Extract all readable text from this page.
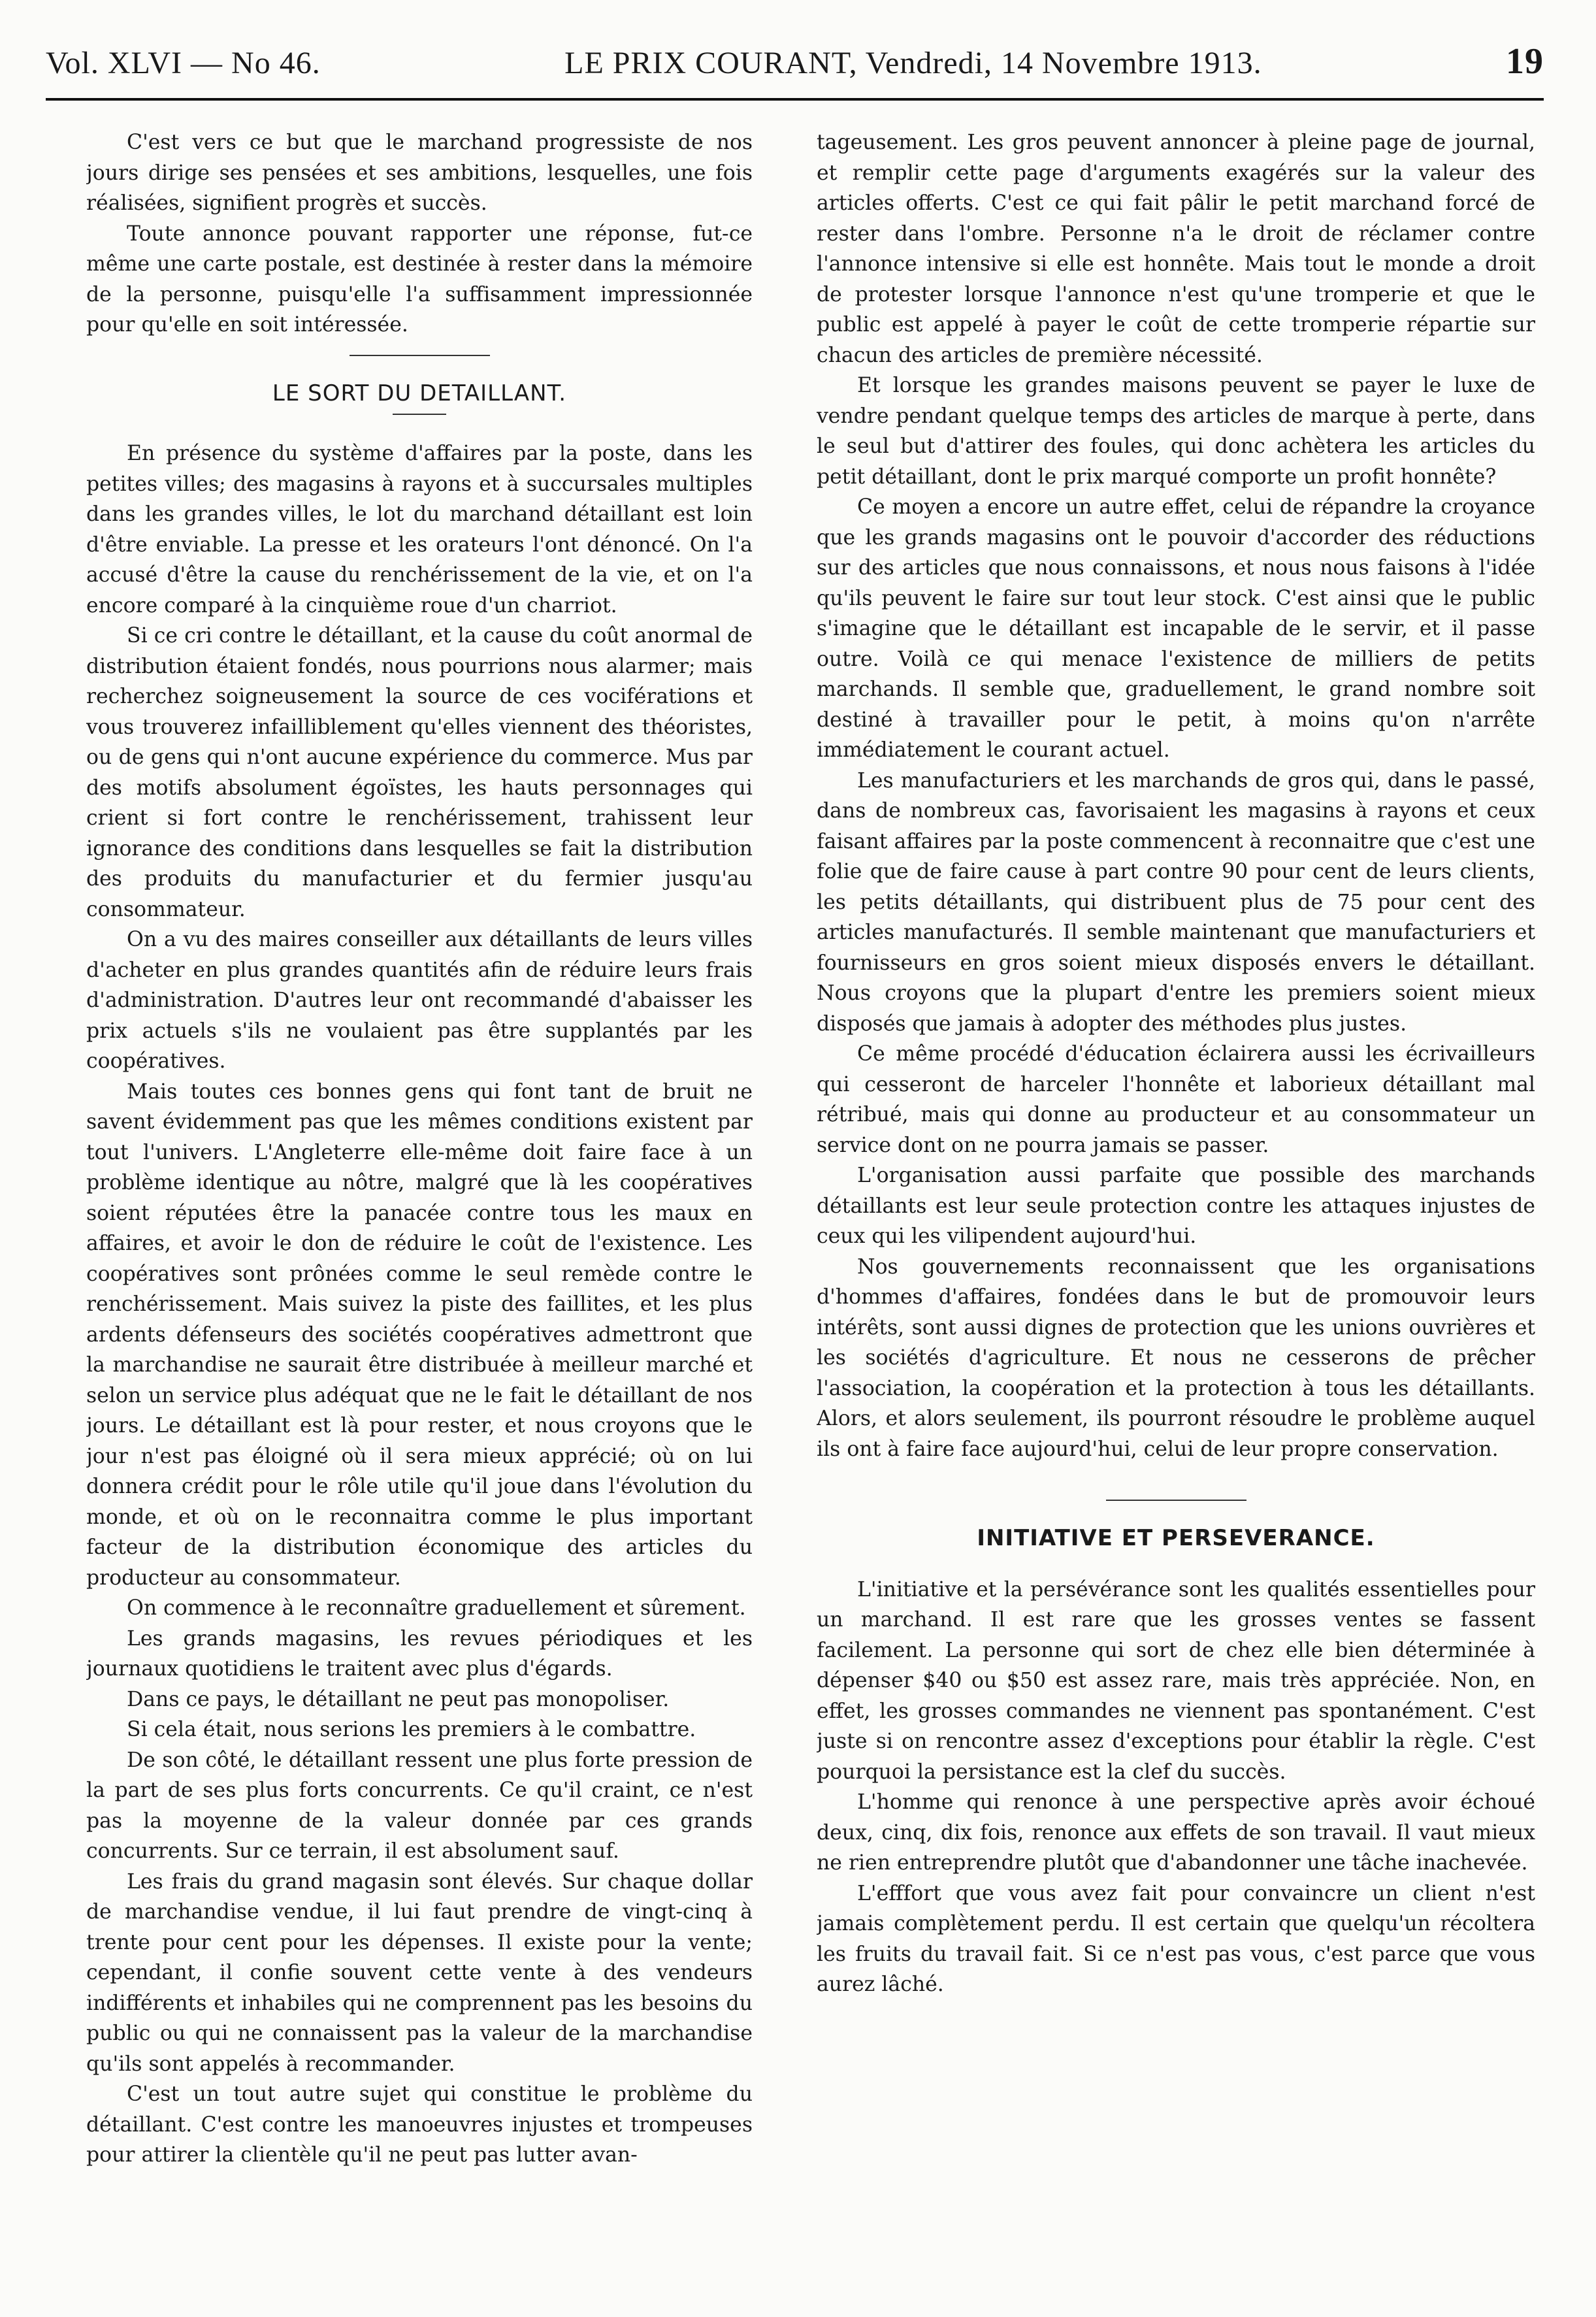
Vol. XLVI — No 46.	LE PRIX COURANT, Vendredi, 14 Novembre 1913.	19

C'est vers ce but que le marchand progressiste de nos jours dirige ses pensées et ses ambitions, lesquelles, une fois réalisées, signifient progrès et succès.

Toute annonce pouvant rapporter une réponse, fut-ce même une carte postale, est destinée à rester dans la mémoire de la personne, puisqu'elle l'a suffisamment impressionnée pour qu'elle en soit intéressée.

LE SORT DU DETAILLANT.

En présence du système d'affaires par la poste, dans les petites villes; des magasins à rayons et à succursales multiples dans les grandes villes, le lot du marchand détaillant est loin d'être enviable. La presse et les orateurs l'ont dénoncé. On l'a accusé d'être la cause du renchérissement de la vie, et on l'a encore comparé à la cinquième roue d'un charriot.

Si ce cri contre le détaillant, et la cause du coût anormal de distribution étaient fondés, nous pourrions nous alarmer; mais recherchez soigneusement la source de ces vociférations et vous trouverez infailliblement qu'elles viennent des théoristes, ou de gens qui n'ont aucune expérience du commerce. Mus par des motifs absolument égoïstes, les hauts personnages qui crient si fort contre le renchérissement, trahissent leur ignorance des conditions dans lesquelles se fait la distribution des produits du manufacturier et du fermier jusqu'au consommateur.

On a vu des maires conseiller aux détaillants de leurs villes d'acheter en plus grandes quantités afin de réduire leurs frais d'administration. D'autres leur ont recommandé d'abaisser les prix actuels s'ils ne voulaient pas être supplantés par les coopératives.

Mais toutes ces bonnes gens qui font tant de bruit ne savent évidemment pas que les mêmes conditions existent par tout l'univers. L'Angleterre elle-même doit faire face à un problème identique au nôtre, malgré que là les coopératives soient réputées être la panacée contre tous les maux en affaires, et avoir le don de réduire le coût de l'existence. Les coopératives sont prônées comme le seul remède contre le renchérissement. Mais suivez la piste des faillites, et les plus ardents défenseurs des sociétés coopératives admettront que la marchandise ne saurait être distribuée à meilleur marché et selon un service plus adéquat que ne le fait le détaillant de nos jours. Le détaillant est là pour rester, et nous croyons que le jour n'est pas éloigné où il sera mieux apprécié; où on lui donnera crédit pour le rôle utile qu'il joue dans l'évolution du monde, et où on le reconnaitra comme le plus important facteur de la distribution économique des articles du producteur au consommateur.

On commence à le reconnaître graduellement et sûrement.

Les grands magasins, les revues périodiques et les journaux quotidiens le traitent avec plus d'égards.

Dans ce pays, le détaillant ne peut pas monopoliser.

Si cela était, nous serions les premiers à le combattre.

De son côté, le détaillant ressent une plus forte pression de la part de ses plus forts concurrents. Ce qu'il craint, ce n'est pas la moyenne de la valeur donnée par ces grands concurrents. Sur ce terrain, il est absolument sauf.

Les frais du grand magasin sont élevés. Sur chaque dollar de marchandise vendue, il lui faut prendre de vingt-cinq à trente pour cent pour les dépenses. Il existe pour la vente; cependant, il confie souvent cette vente à des vendeurs indifférents et inhabiles qui ne comprennent pas les besoins du public ou qui ne connaissent pas la valeur de la marchandise qu'ils sont appelés à recommander.

C'est un tout autre sujet qui constitue le problème du détaillant. C'est contre les manoeuvres injustes et trompeuses pour attirer la clientèle qu'il ne peut pas lutter avan-

tageusement. Les gros peuvent annoncer à pleine page de journal, et remplir cette page d'arguments exagérés sur la valeur des articles offerts. C'est ce qui fait pâlir le petit marchand forcé de rester dans l'ombre. Personne n'a le droit de réclamer contre l'annonce intensive si elle est honnête. Mais tout le monde a droit de protester lorsque l'annonce n'est qu'une tromperie et que le public est appelé à payer le coût de cette tromperie répartie sur chacun des articles de première nécessité.

Et lorsque les grandes maisons peuvent se payer le luxe de vendre pendant quelque temps des articles de marque à perte, dans le seul but d'attirer des foules, qui donc achètera les articles du petit détaillant, dont le prix marqué comporte un profit honnête?

Ce moyen a encore un autre effet, celui de répandre la croyance que les grands magasins ont le pouvoir d'accorder des réductions sur des articles que nous connaissons, et nous nous faisons à l'idée qu'ils peuvent le faire sur tout leur stock. C'est ainsi que le public s'imagine que le détaillant est incapable de le servir, et il passe outre. Voilà ce qui menace l'existence de milliers de petits marchands. Il semble que, graduellement, le grand nombre soit destiné à travailler pour le petit, à moins qu'on n'arrête immédiatement le courant actuel.

Les manufacturiers et les marchands de gros qui, dans le passé, dans de nombreux cas, favorisaient les magasins à rayons et ceux faisant affaires par la poste commencent à reconnaitre que c'est une folie que de faire cause à part contre 90 pour cent de leurs clients, les petits détaillants, qui distribuent plus de 75 pour cent des articles manufacturés. Il semble maintenant que manufacturiers et fournisseurs en gros soient mieux disposés envers le détaillant. Nous croyons que la plupart d'entre les premiers soient mieux disposés que jamais à adopter des méthodes plus justes.

Ce même procédé d'éducation éclairera aussi les écrivailleurs qui cesseront de harceler l'honnête et laborieux détaillant mal rétribué, mais qui donne au producteur et au consommateur un service dont on ne pourra jamais se passer.

L'organisation aussi parfaite que possible des marchands détaillants est leur seule protection contre les attaques injustes de ceux qui les vilipendent aujourd'hui.

Nos gouvernements reconnaissent que les organisations d'hommes d'affaires, fondées dans le but de promouvoir leurs intérêts, sont aussi dignes de protection que les unions ouvrières et les sociétés d'agriculture. Et nous ne cesserons de prêcher l'association, la coopération et la protection à tous les détaillants. Alors, et alors seulement, ils pourront résoudre le problème auquel ils ont à faire face aujourd'hui, celui de leur propre conservation.

INITIATIVE ET PERSEVERANCE.

L'initiative et la persévérance sont les qualités essentielles pour un marchand. Il est rare que les grosses ventes se fassent facilement. La personne qui sort de chez elle bien déterminée à dépenser $40 ou $50 est assez rare, mais très appréciée. Non, en effet, les grosses commandes ne viennent pas spontanément. C'est juste si on rencontre assez d'exceptions pour établir la règle. C'est pourquoi la persistance est la clef du succès.

L'homme qui renonce à une perspective après avoir échoué deux, cinq, dix fois, renonce aux effets de son travail. Il vaut mieux ne rien entreprendre plutôt que d'abandonner une tâche inachevée.

L'efffort que vous avez fait pour convaincre un client n'est jamais complètement perdu. Il est certain que quelqu'un récoltera les fruits du travail fait. Si ce n'est pas vous, c'est parce que vous aurez lâché.
